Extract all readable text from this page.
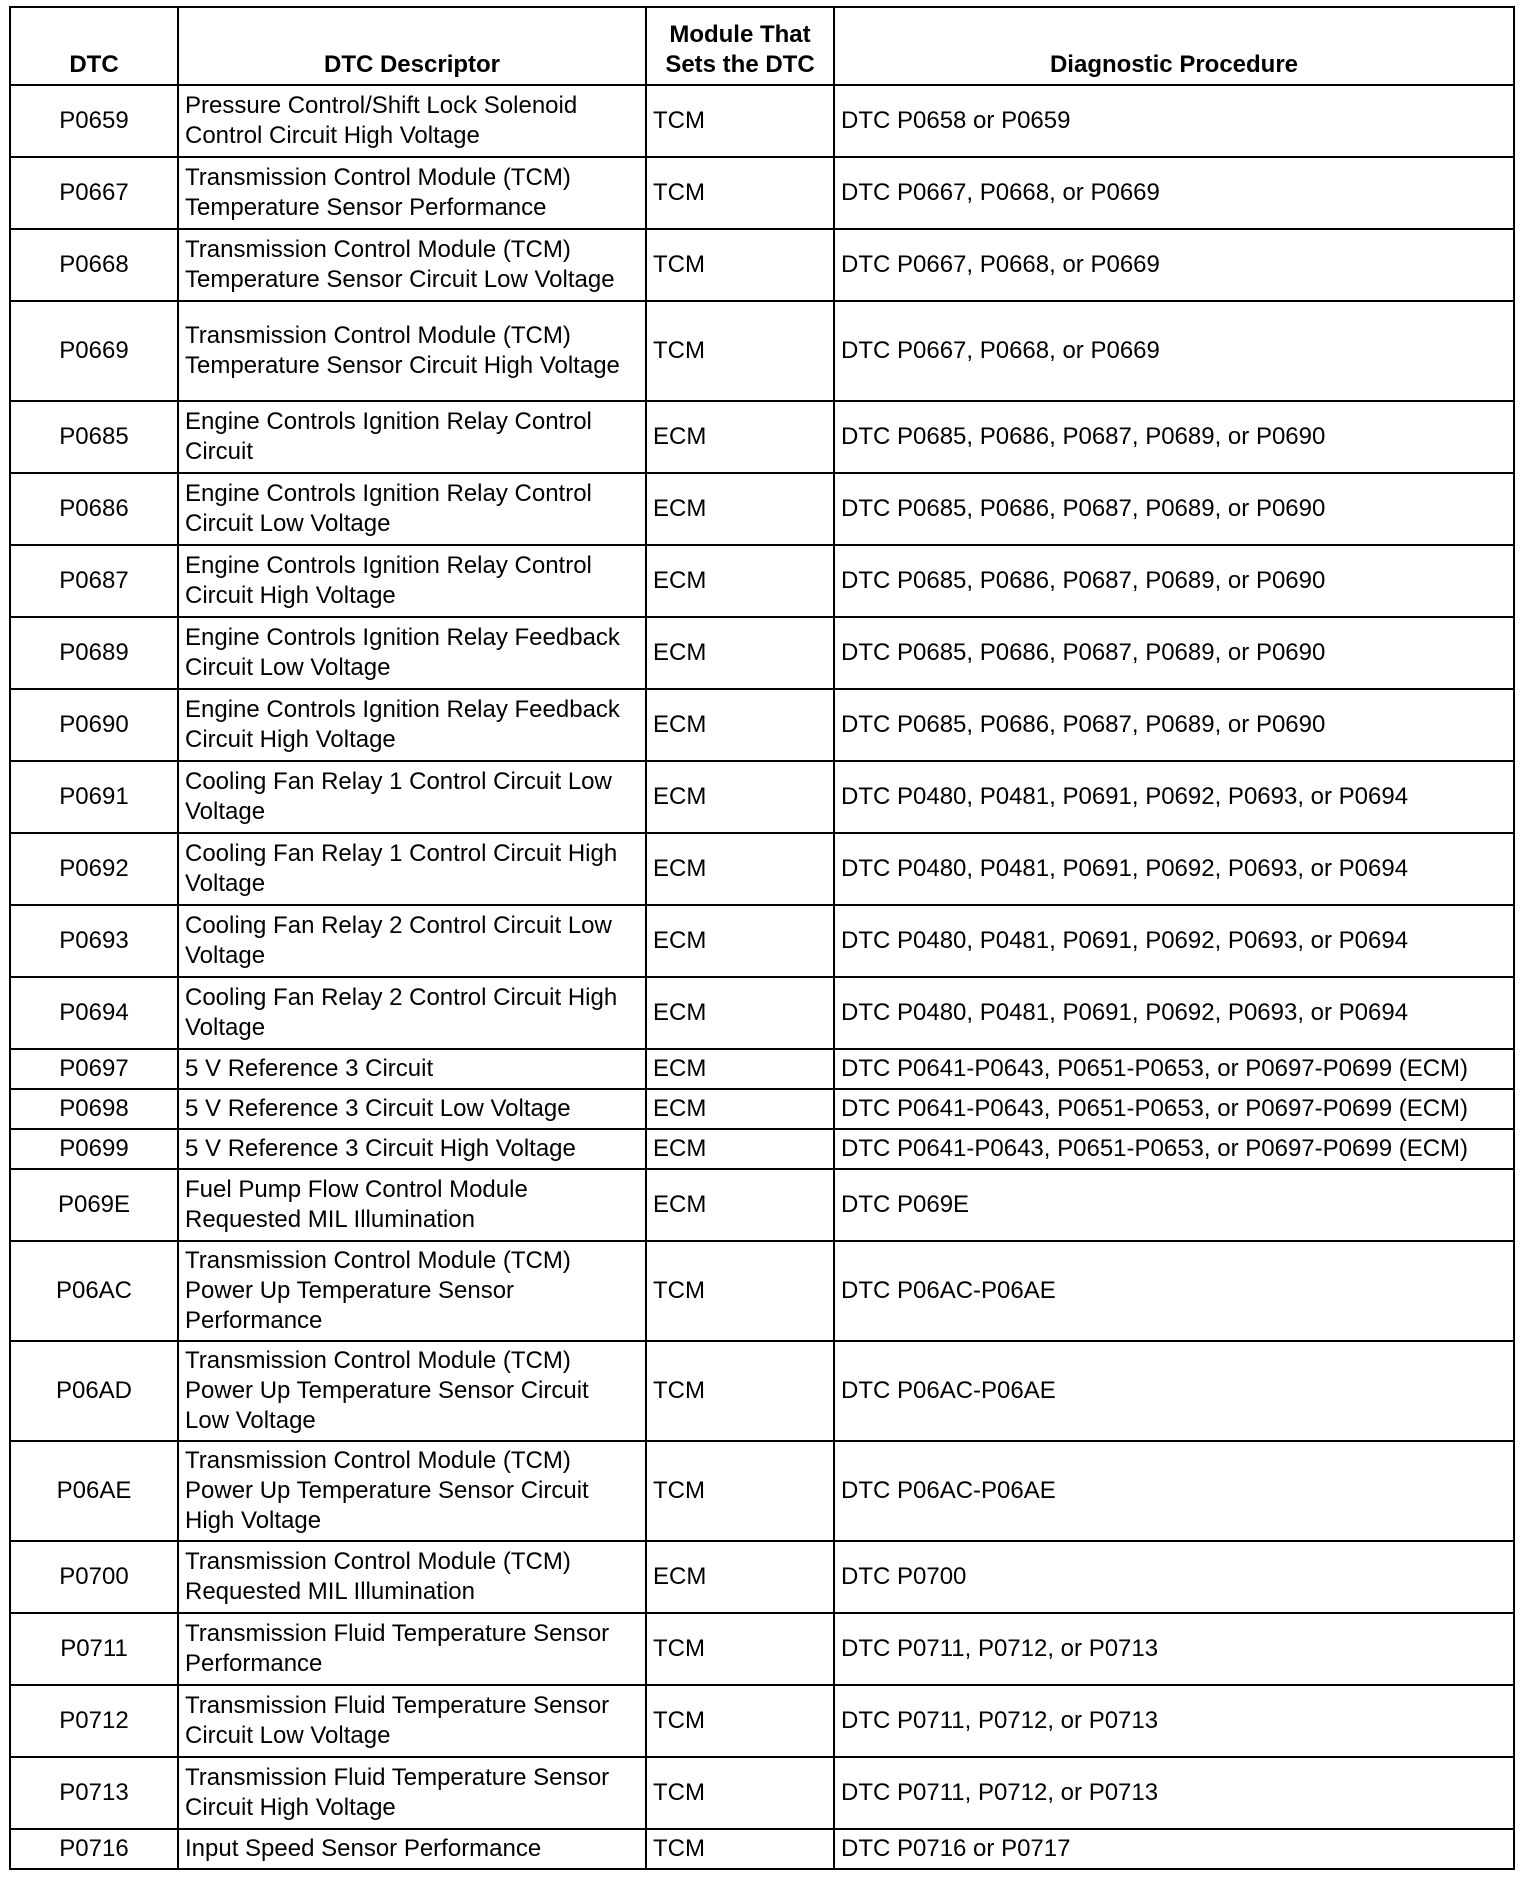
DTC	DTC Descriptor	Module That Sets the DTC	Diagnostic Procedure
P0659	Pressure Control/Shift Lock Solenoid Control Circuit High Voltage	TCM	DTC P0658 or P0659
P0667	Transmission Control Module (TCM) Temperature Sensor Performance	TCM	DTC P0667, P0668, or P0669
P0668	Transmission Control Module (TCM) Temperature Sensor Circuit Low Voltage	TCM	DTC P0667, P0668, or P0669
P0669	Transmission Control Module (TCM) Temperature Sensor Circuit High Voltage	TCM	DTC P0667, P0668, or P0669
P0685	Engine Controls Ignition Relay Control Circuit	ECM	DTC P0685, P0686, P0687, P0689, or P0690
P0686	Engine Controls Ignition Relay Control Circuit Low Voltage	ECM	DTC P0685, P0686, P0687, P0689, or P0690
P0687	Engine Controls Ignition Relay Control Circuit High Voltage	ECM	DTC P0685, P0686, P0687, P0689, or P0690
P0689	Engine Controls Ignition Relay Feedback Circuit Low Voltage	ECM	DTC P0685, P0686, P0687, P0689, or P0690
P0690	Engine Controls Ignition Relay Feedback Circuit High Voltage	ECM	DTC P0685, P0686, P0687, P0689, or P0690
P0691	Cooling Fan Relay 1 Control Circuit Low Voltage	ECM	DTC P0480, P0481, P0691, P0692, P0693, or P0694
P0692	Cooling Fan Relay 1 Control Circuit High Voltage	ECM	DTC P0480, P0481, P0691, P0692, P0693, or P0694
P0693	Cooling Fan Relay 2 Control Circuit Low Voltage	ECM	DTC P0480, P0481, P0691, P0692, P0693, or P0694
P0694	Cooling Fan Relay 2 Control Circuit High Voltage	ECM	DTC P0480, P0481, P0691, P0692, P0693, or P0694
P0697	5 V Reference 3 Circuit	ECM	DTC P0641-P0643, P0651-P0653, or P0697-P0699 (ECM)
P0698	5 V Reference 3 Circuit Low Voltage	ECM	DTC P0641-P0643, P0651-P0653, or P0697-P0699 (ECM)
P0699	5 V Reference 3 Circuit High Voltage	ECM	DTC P0641-P0643, P0651-P0653, or P0697-P0699 (ECM)
P069E	Fuel Pump Flow Control Module Requested MIL Illumination	ECM	DTC P069E
P06AC	Transmission Control Module (TCM) Power Up Temperature Sensor Performance	TCM	DTC P06AC-P06AE
P06AD	Transmission Control Module (TCM) Power Up Temperature Sensor Circuit Low Voltage	TCM	DTC P06AC-P06AE
P06AE	Transmission Control Module (TCM) Power Up Temperature Sensor Circuit High Voltage	TCM	DTC P06AC-P06AE
P0700	Transmission Control Module (TCM) Requested MIL Illumination	ECM	DTC P0700
P0711	Transmission Fluid Temperature Sensor Performance	TCM	DTC P0711, P0712, or P0713
P0712	Transmission Fluid Temperature Sensor Circuit Low Voltage	TCM	DTC P0711, P0712, or P0713
P0713	Transmission Fluid Temperature Sensor Circuit High Voltage	TCM	DTC P0711, P0712, or P0713
P0716	Input Speed Sensor Performance	TCM	DTC P0716 or P0717
